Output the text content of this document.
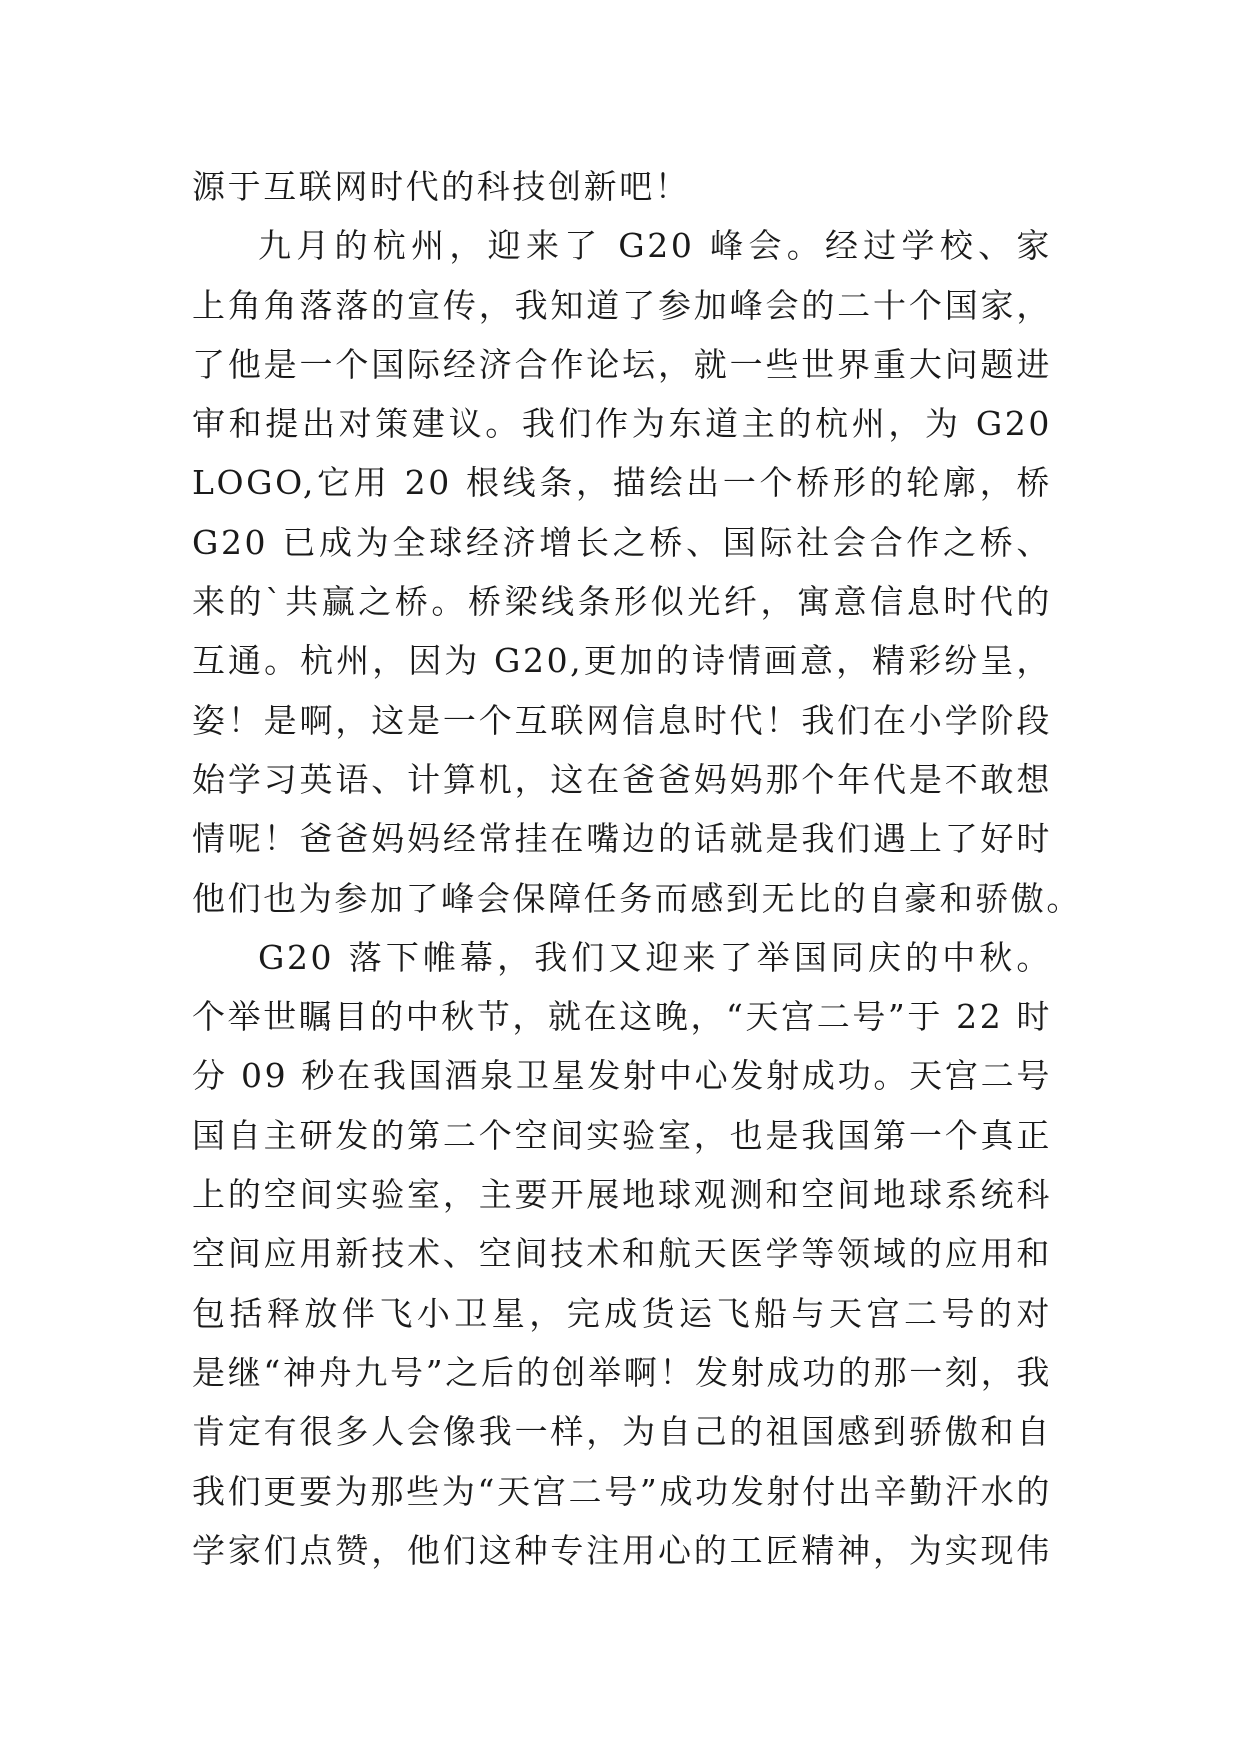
源于互联网时代的科技创新吧！
九月的杭州，迎来了 G20 峰会。经过学校、家
上角角落落的宣传，我知道了参加峰会的二十个国家，
了他是一个国际经济合作论坛，就一些世界重大问题进
审和提出对策建议。我们作为东道主的杭州，为 G20
LOGO,它用 20 根线条，描绘出一个桥形的轮廓，桥
G20 已成为全球经济增长之桥、国际社会合作之桥、
来的`共赢之桥。桥梁线条形似光纤，寓意信息时代的
互通。杭州，因为 G20,更加的诗情画意，精彩纷呈，
姿！是啊，这是一个互联网信息时代！我们在小学阶段
始学习英语、计算机，这在爸爸妈妈那个年代是不敢想
情呢！爸爸妈妈经常挂在嘴边的话就是我们遇上了好时
他们也为参加了峰会保障任务而感到无比的自豪和骄傲。
G20 落下帷幕，我们又迎来了举国同庆的中秋。
个举世瞩目的中秋节，就在这晚，“天宫二号”于 22 时
分 09 秒在我国酒泉卫星发射中心发射成功。天宫二号
国自主研发的第二个空间实验室，也是我国第一个真正
上的空间实验室，主要开展地球观测和空间地球系统科
空间应用新技术、空间技术和航天医学等领域的应用和
包括释放伴飞小卫星，完成货运飞船与天宫二号的对
是继“神舟九号”之后的创举啊！发射成功的那一刻，我
肯定有很多人会像我一样，为自己的祖国感到骄傲和自
我们更要为那些为“天宫二号”成功发射付出辛勤汗水的
学家们点赞，他们这种专注用心的工匠精神，为实现伟
